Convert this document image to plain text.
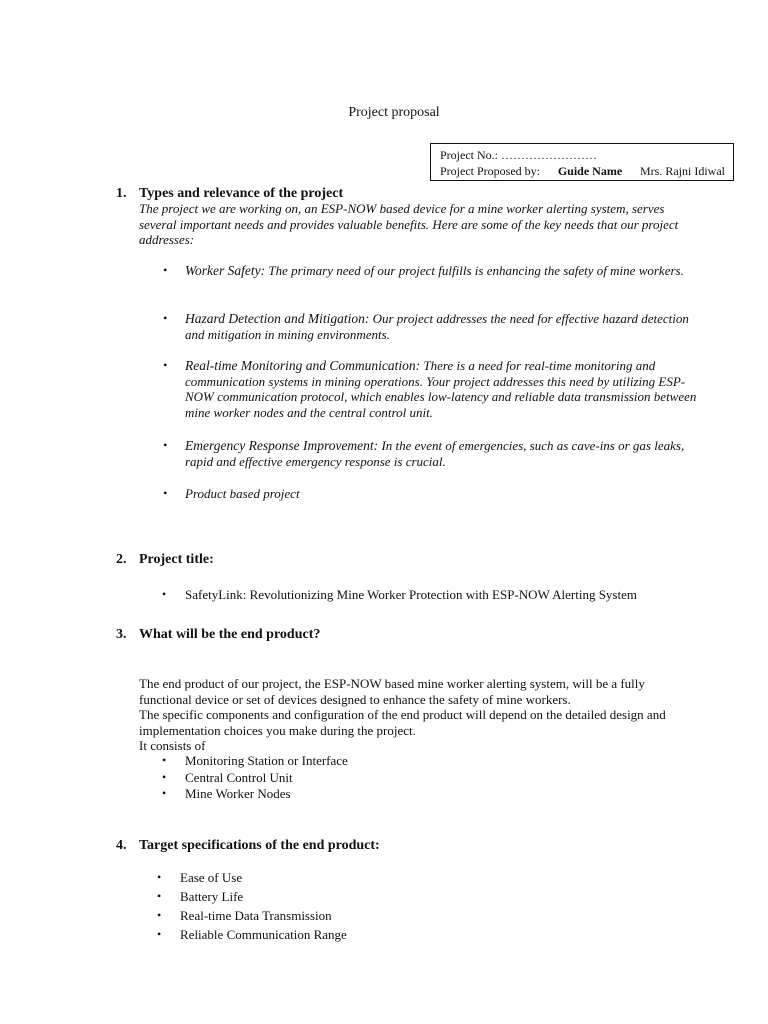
Project proposal
Project No.: ……………………
Project Proposed by: Guide Name Mrs. Rajni Idiwal
1. Types and relevance of the project
The project we are working on, an ESP-NOW based device for a mine worker alerting system, serves several important needs and provides valuable benefits. Here are some of the key needs that our project addresses:
• Worker Safety: The primary need of our project fulfills is enhancing the safety of mine workers.
• Hazard Detection and Mitigation: Our project addresses the need for effective hazard detection and mitigation in mining environments.
• Real-time Monitoring and Communication: There is a need for real-time monitoring and communication systems in mining operations. Your project addresses this need by utilizing ESP-NOW communication protocol, which enables low-latency and reliable data transmission between mine worker nodes and the central control unit.
• Emergency Response Improvement: In the event of emergencies, such as cave-ins or gas leaks, rapid and effective emergency response is crucial.
• Product based project
2. Project title:
• SafetyLink: Revolutionizing Mine Worker Protection with ESP-NOW Alerting System
3. What will be the end product?
The end product of our project, the ESP-NOW based mine worker alerting system, will be a fully functional device or set of devices designed to enhance the safety of mine workers.
The specific components and configuration of the end product will depend on the detailed design and implementation choices you make during the project.
It consists of
• Monitoring Station or Interface
• Central Control Unit
• Mine Worker Nodes
4. Target specifications of the end product:
• Ease of Use
• Battery Life
• Real-time Data Transmission
• Reliable Communication Range
